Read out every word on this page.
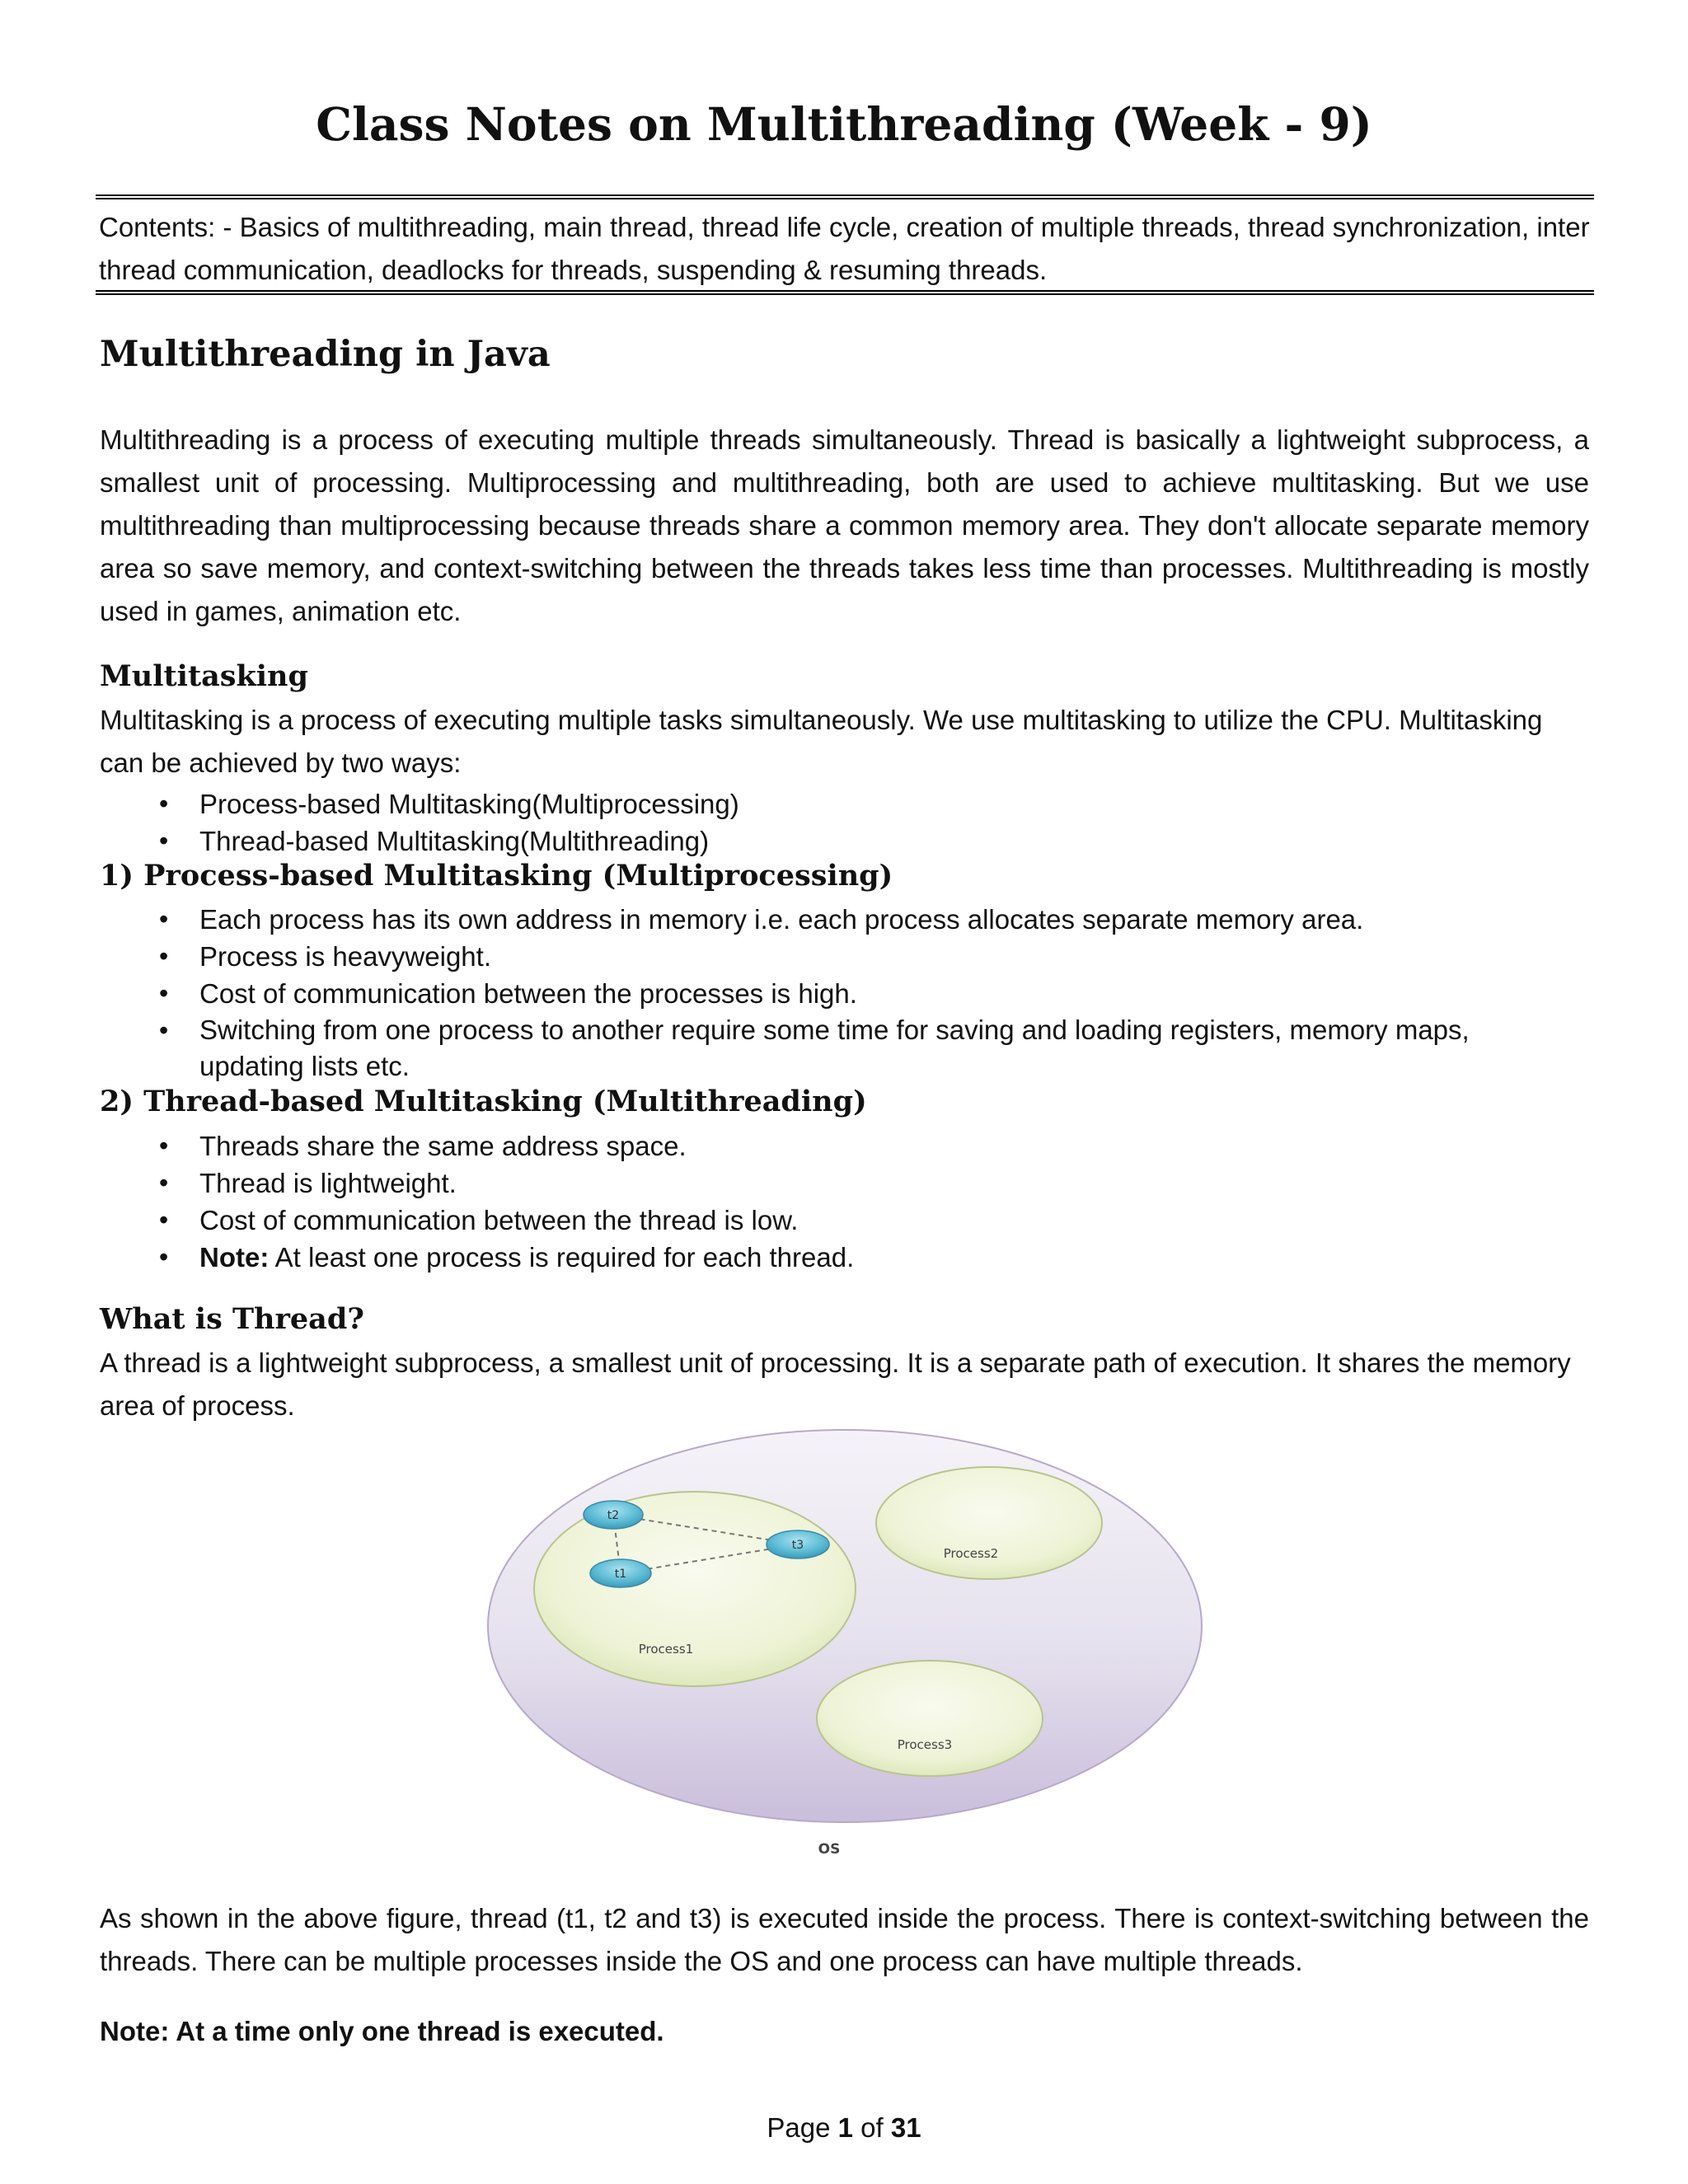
Class Notes on Multithreading (Week - 9)
Contents: - Basics of multithreading, main thread, thread life cycle, creation of multiple threads, thread synchronization, inter thread communication, deadlocks for threads, suspending & resuming threads.
Multithreading in Java

Multithreading is a process of executing multiple threads simultaneously. Thread is basically a lightweight subprocess, a smallest unit of processing. Multiprocessing and multithreading, both are used to achieve multitasking. But we use multithreading than multiprocessing because threads share a common memory area. They don't allocate separate memory area so save memory, and context-switching between the threads takes less time than processes. Multithreading is mostly used in games, animation etc.

Multitasking

Multitasking is a process of executing multiple tasks simultaneously. We use multitasking to utilize the CPU. Multitasking can be achieved by two ways:

• Process-based Multitasking(Multiprocessing)
• Thread-based Multitasking(Multithreading)
1) Process-based Multitasking (Multiprocessing)
• Each process has its own address in memory i.e. each process allocates separate memory area.
• Process is heavyweight.
• Cost of communication between the processes is high.
• Switching from one process to another require some time for saving and loading registers, memory maps, updating lists etc.
2) Thread-based Multitasking (Multithreading)
• Threads share the same address space.
• Thread is lightweight.
• Cost of communication between the thread is low.
• Note: At least one process is required for each thread.
What is Thread?

A thread is a lightweight subprocess, a smallest unit of processing. It is a separate path of execution. It shares the memory area of process.

t2
t3
t1
Process1
Process2
Process3
OS

As shown in the above figure, thread (t1, t2 and t3) is executed inside the process. There is context-switching between the threads. There can be multiple processes inside the OS and one process can have multiple threads.

Note: At a time only one thread is executed.

Page 1 of 31
